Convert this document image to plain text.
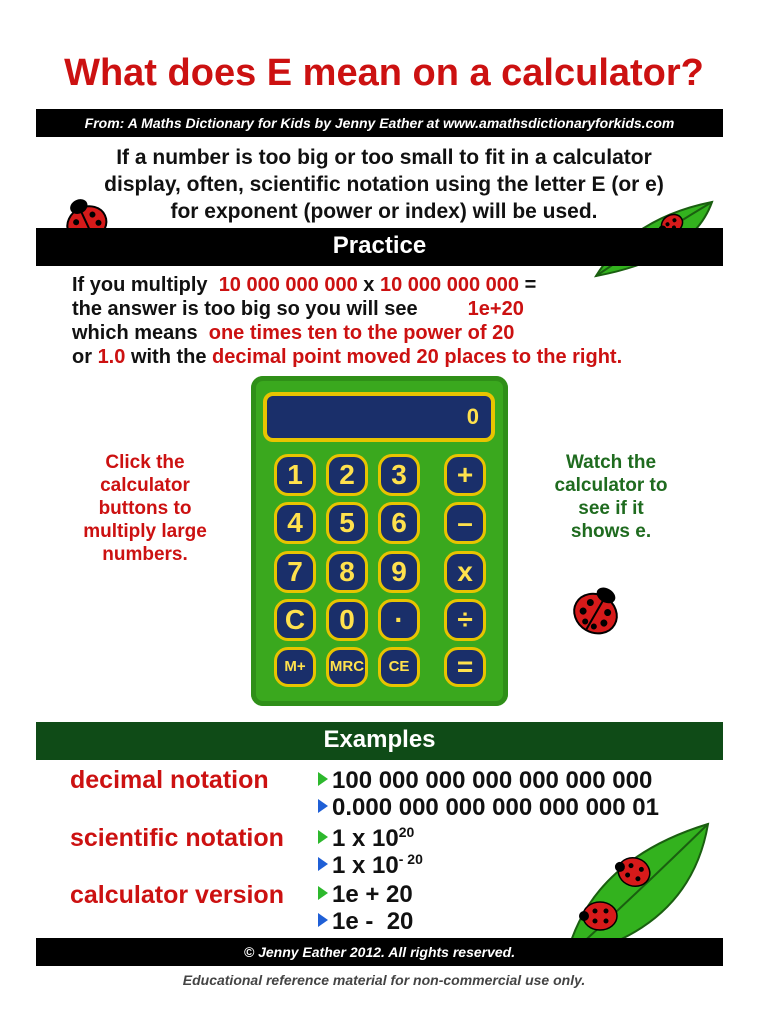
What does E mean on a calculator?
From: A Maths Dictionary for Kids by Jenny Eather at www.amathsdictionaryforkids.com
If a number is too big or too small to fit in a calculator
display, often, scientific notation using the letter E (or e)
for exponent (power or index) will be used.
Practice
If you multiply 10 000 000 000 x 10 000 000 000 =
the answer is too big so you will see	1e+20
which means one times ten to the power of 20
or 1.0 with the decimal point moved 20 places to the right.
Click the
calculator
buttons to
multiply large
numbers.
Watch the
calculator to
see if it
shows e.
0
1	2	3	+
4	5	6	–
7	8	9	x
C	0	·	÷
M+	MRC	CE	=
Examples
decimal notation	100 000 000 000 000 000 000
0.000 000 000 000 000 000 01
scientific notation	1 x $10^{20}$
1 x $10^{- 20}$
calculator version	1e + 20
1e -  20
© Jenny Eather 2012. All rights reserved.
Educational reference material for non-commercial use only.
